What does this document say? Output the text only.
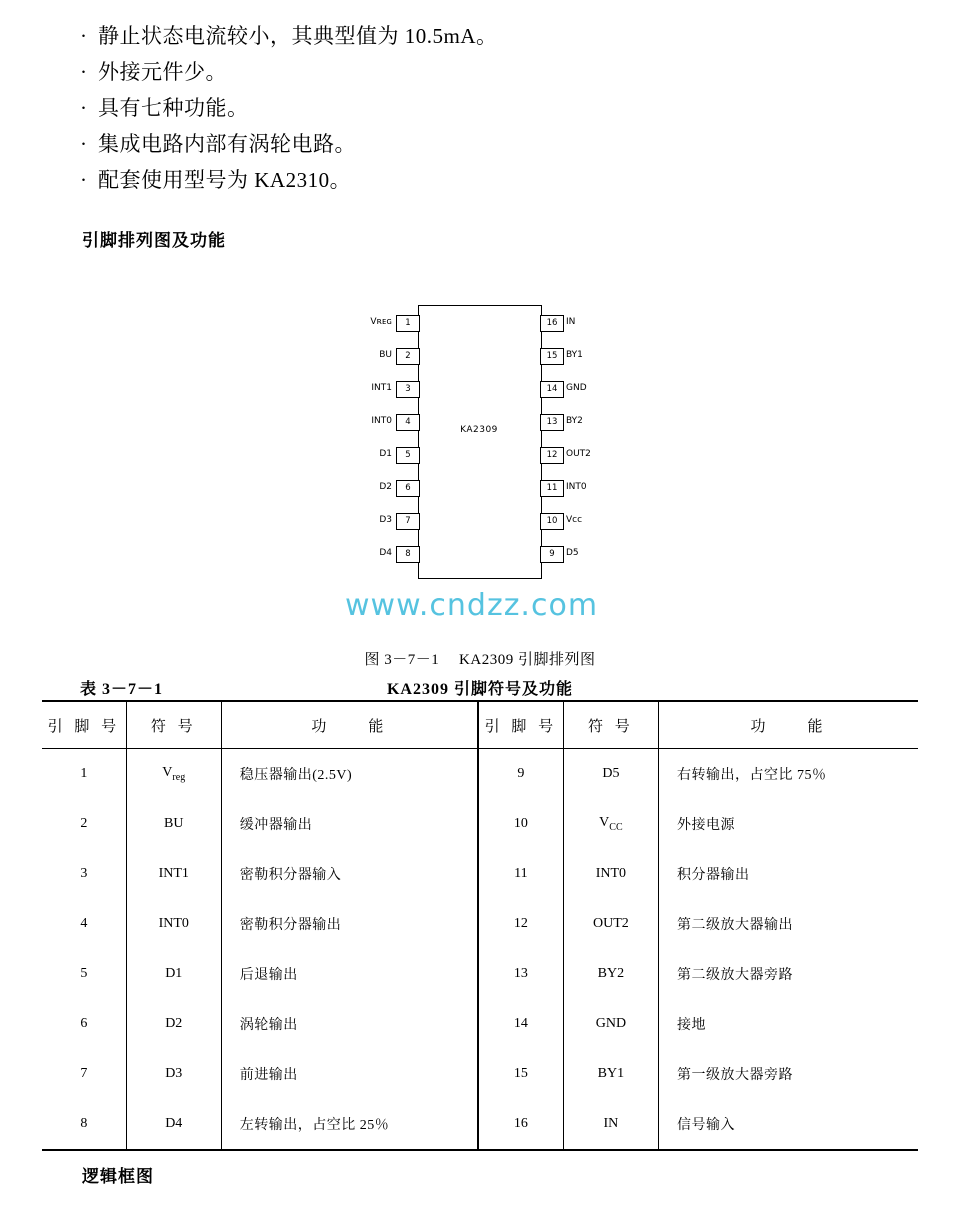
· 静止状态电流较小，其典型值为 10.5mA。
· 外接元件少。
· 具有七种功能。
· 集成电路内部有涡轮电路。
· 配套使用型号为 KA2310。
引脚排列图及功能
KA2309
Vʀᴇɢ	1
BU	2
INT1	3
INT0	4
D1	5
D2	6
D3	7
D4	8
16 IN
15 BY1
14 GND
13 BY2
12 OUT2
11 INT0
10 Vcc
9	D5
www.cndzz.com
图 3－7－1　 KA2309 引脚排列图
表 3－7－1	KA2309 引脚符号及功能
引 脚 号	符 号	功　　能	引 脚 号	符 号	功　　能
1	$V_{reg}$	稳压器输出(2.5V)	9	D5	右转输出，占空比 75％
2	BU	缓冲器输出	10	$V_{CC}$	外接电源
3	INT1	密勒积分器输入	11	INT0	积分器输出
4	INT0	密勒积分器输出	12	OUT2	第二级放大器输出
5	D1	后退输出	13	BY2	第二级放大器旁路
6	D2	涡轮输出	14	GND	接地
7	D3	前进输出	15	BY1	第一级放大器旁路
8	D4	左转输出，占空比 25％	16	IN	信号输入
逻辑框图
